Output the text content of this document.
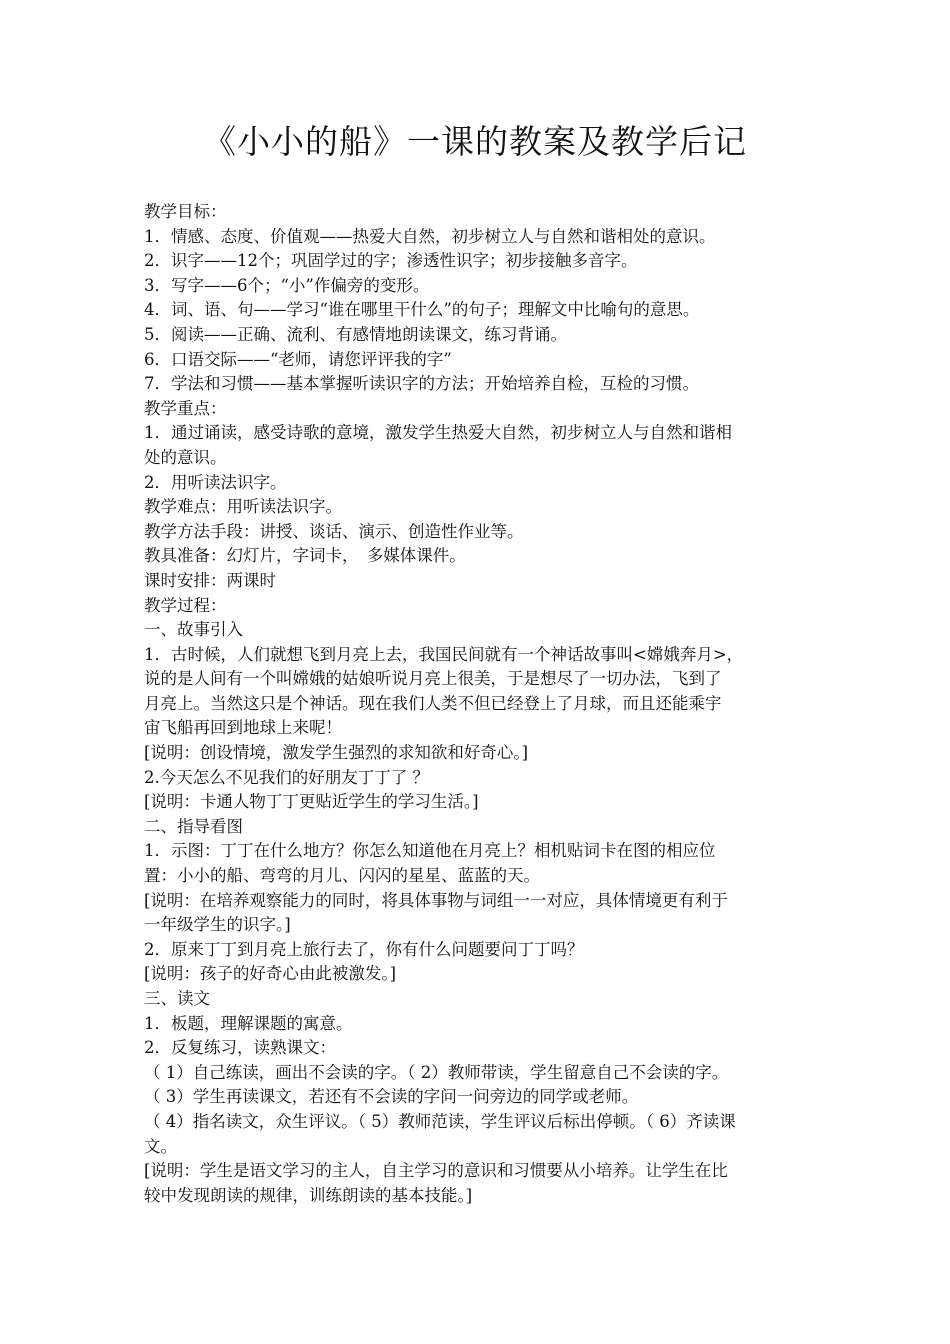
《小小的船》一课的教案及教学后记
教学目标：
1．情感、态度、价值观——热爱大自然，初步树立人与自然和谐相处的意识。
2．识字——12个；巩固学过的字；渗透性识字；初步接触多音字。
3．写字——6个；“小”作偏旁的变形。
4．词、语、句——学习“谁在哪里干什么”的句子；理解文中比喻句的意思。
5．阅读——正确、流利、有感情地朗读课文，练习背诵。
6．口语交际——“老师，请您评评我的字”
7．学法和习惯——基本掌握听读识字的方法；开始培养自检，互检的习惯。
教学重点：
1．通过诵读，感受诗歌的意境，激发学生热爱大自然，初步树立人与自然和谐相
处的意识。
2．用听读法识字。
教学难点：用听读法识字。
教学方法手段：讲授、谈话、演示、创造性作业等。
教具准备：幻灯片，字词卡，　多媒体课件。
课时安排：两课时
教学过程：
一、故事引入
1．古时候，人们就想飞到月亮上去，我国民间就有一个神话故事叫<嫦娥奔月>，
说的是人间有一个叫嫦娥的姑娘听说月亮上很美，于是想尽了一切办法，飞到了
月亮上。当然这只是个神话。现在我们人类不但已经登上了月球，而且还能乘宇
宙飞船再回到地球上来呢！
[说明：创设情境，激发学生强烈的求知欲和好奇心。]
2.今天怎么不见我们的好朋友丁丁了 ？
[说明：卡通人物丁丁更贴近学生的学习生活。]
二、指导看图
1．示图：丁丁在什么地方？你怎么知道他在月亮上？相机贴词卡在图的相应位
置：小小的船、弯弯的月儿、闪闪的星星、蓝蓝的天。
[说明：在培养观察能力的同时，将具体事物与词组一一对应，具体情境更有利于
一年级学生的识字。]
2．原来丁丁到月亮上旅行去了，你有什么问题要问丁丁吗？
[说明：孩子的好奇心由此被激发。]
三、读文
1．板题，理解课题的寓意。
2．反复练习，读熟课文：
（ 1）自己练读，画出不会读的字。（ 2）教师带读，学生留意自己不会读的字。
（ 3）学生再读课文，若还有不会读的字问一问旁边的同学或老师。
（ 4）指名读文，众生评议。（ 5）教师范读，学生评议后标出停顿。（ 6）齐读课
文。
[说明：学生是语文学习的主人，自主学习的意识和习惯要从小培养。让学生在比
较中发现朗读的规律，训练朗读的基本技能。]
